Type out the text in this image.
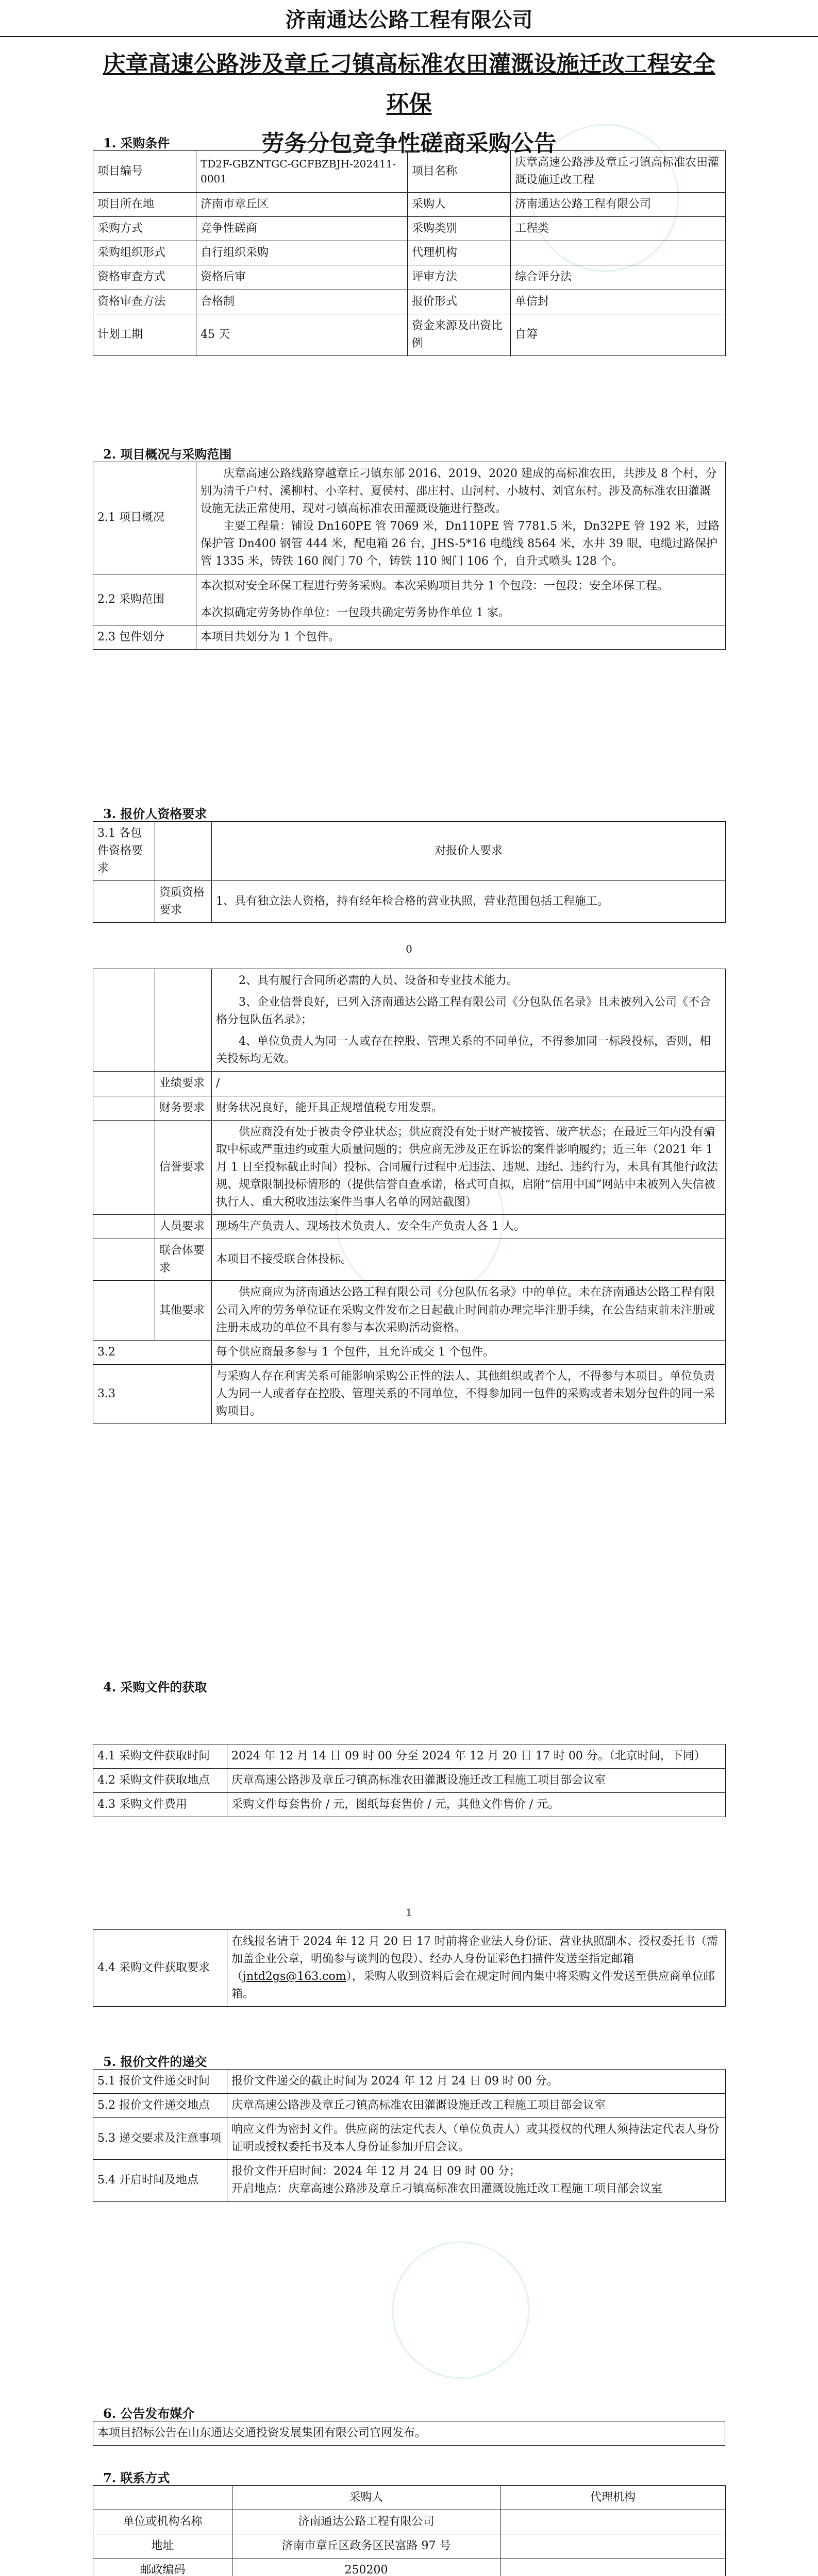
济南通达公路工程有限公司
庆章高速公路涉及章丘刁镇高标准农田灌溉设施迁改工程安全环保
劳务分包竞争性磋商采购公告
1. 采购条件
项目编号	TD2F-GBZNTGC-GCFBZBJH-202411-0001	项目名称	庆章高速公路涉及章丘刁镇高标准农田灌溉设施迁改工程
项目所在地	济南市章丘区	采购人	济南通达公路工程有限公司
采购方式	竞争性磋商	采购类别	工程类
采购组织形式	自行组织采购	代理机构	
资格审查方式	资格后审	评审方法	综合评分法
资格审查方法	合格制	报价形式	单信封
计划工期	45 天	资金来源及出资比例	自筹
2. 项目概况与采购范围
2.1 项目概况	庆章高速公路线路穿越章丘刁镇东部 2016、2019、2020 建成的高标准农田，共涉及 8 个村，分别为清千户村、溪柳村、小辛村、夏侯村、邵庄村、山河村、小坡村、刘官东村。涉及高标准农田灌溉设施无法正常使用，现对刁镇高标准农田灌溉设施进行整改。
主要工程量：铺设 Dn160PE 管 7069 米，Dn110PE 管 7781.5 米，Dn32PE 管 192 米，过路保护管 Dn400 钢管 444 米，配电箱 26 台，JHS-5*16 电缆线 8564 米，水井 39 眼，电缆过路保护管 1335 米，铸铁 160 阀门 70 个，铸铁 110 阀门 106 个，自升式喷头 128 个。

2.2 采购范围	本次拟对安全环保工程进行劳务采购。本次采购项目共分 1 个包段：一包段：安全环保工程。
本次拟确定劳务协作单位：一包段共确定劳务协作单位 1 家。

2.3 包件划分	本项目共划分为 1 个包件。
3. 报价人资格要求
3.1 各包件资格要求		对报价人要求
	资质资格要求	1、具有独立法人资格，持有经年检合格的营业执照，营业范围包括工程施工。
0

		2、具有履行合同所必需的人员、设备和专业技术能力。
3、企业信誉良好，已列入济南通达公路工程有限公司《分包队伍名录》且未被列入公司《不合格分包队伍名录》；
4、单位负责人为同一人或存在控股、管理关系的不同单位，不得参加同一标段投标，否则，相关投标均无效。

	业绩要求	/
	财务要求	财务状况良好，能开具正规增值税专用发票。
	信誉要求	供应商没有处于被责令停业状态；供应商没有处于财产被接管、破产状态；在最近三年内没有骗取中标或严重违约或重大质量问题的；供应商无涉及正在诉讼的案件影响履约；近三年（2021 年 1 月 1 日至投标截止时间）投标、合同履行过程中无违法、违规、违纪、违约行为，未具有其他行政法规、规章限制投标情形的（提供信誉自查承诺，格式可自拟，启附“信用中国”网站中未被列入失信被执行人、重大税收违法案件当事人名单的网站截图）
	人员要求	现场生产负责人、现场技术负责人、安全生产负责人各 1 人。
	联合体要求	本项目不接受联合体投标。
	其他要求	供应商应为济南通达公路工程有限公司《分包队伍名录》中的单位。未在济南通达公路工程有限公司入库的劳务单位证在采购文件发布之日起截止时间前办理完毕注册手续，在公告结束前未注册或注册未成功的单位不具有参与本次采购活动资格。
3.2		每个供应商最多参与 1 个包件，且允许成交 1 个包件。
3.3		与采购人存在利害关系可能影响采购公正性的法人、其他组织或者个人，不得参与本项目。单位负责人为同一人或者存在控股、管理关系的不同单位，不得参加同一包件的采购或者未划分包件的同一采购项目。
4. 采购文件的获取
4.1 采购文件获取时间	2024 年 12 月 14 日 09 时 00 分至 2024 年 12 月 20 日 17 时 00 分。（北京时间，下同）
4.2 采购文件获取地点	庆章高速公路涉及章丘刁镇高标准农田灌溉设施迁改工程施工项目部会议室
4.3 采购文件费用	采购文件每套售价 / 元，图纸每套售价 / 元，其他文件售价 / 元。
1
4.4 采购文件获取要求	在线报名请于 2024 年 12 月 20 日 17 时前将企业法人身份证、营业执照副本、授权委托书（需加盖企业公章，明确参与谈判的包段）、经办人身份证彩色扫描件发送至指定邮箱（jntd2gs@163.com），采购人收到资料后会在规定时间内集中将采购文件发送至供应商单位邮箱。
5. 报价文件的递交
5.1 报价文件递交时间	报价文件递交的截止时间为 2024 年 12 月 24 日 09 时 00 分。
5.2 报价文件递交地点	庆章高速公路涉及章丘刁镇高标准农田灌溉设施迁改工程施工项目部会议室
5.3 递交要求及注意事项	响应文件为密封文件。供应商的法定代表人（单位负责人）或其授权的代理人须持法定代表人身份证明或授权委托书及本人身份证参加开启会议。
5.4 开启时间及地点	报价文件开启时间：2024 年 12 月 24 日 09 时 00 分；
开启地点：庆章高速公路涉及章丘刁镇高标准农田灌溉设施迁改工程施工项目部会议室
6. 公告发布媒介
本项目招标公告在山东通达交通投资发展集团有限公司官网发布。
7. 联系方式
	采购人	代理机构
单位或机构名称	济南通达公路工程有限公司	
地址	济南市章丘区政务区民富路 97 号	
邮政编码	250200	
